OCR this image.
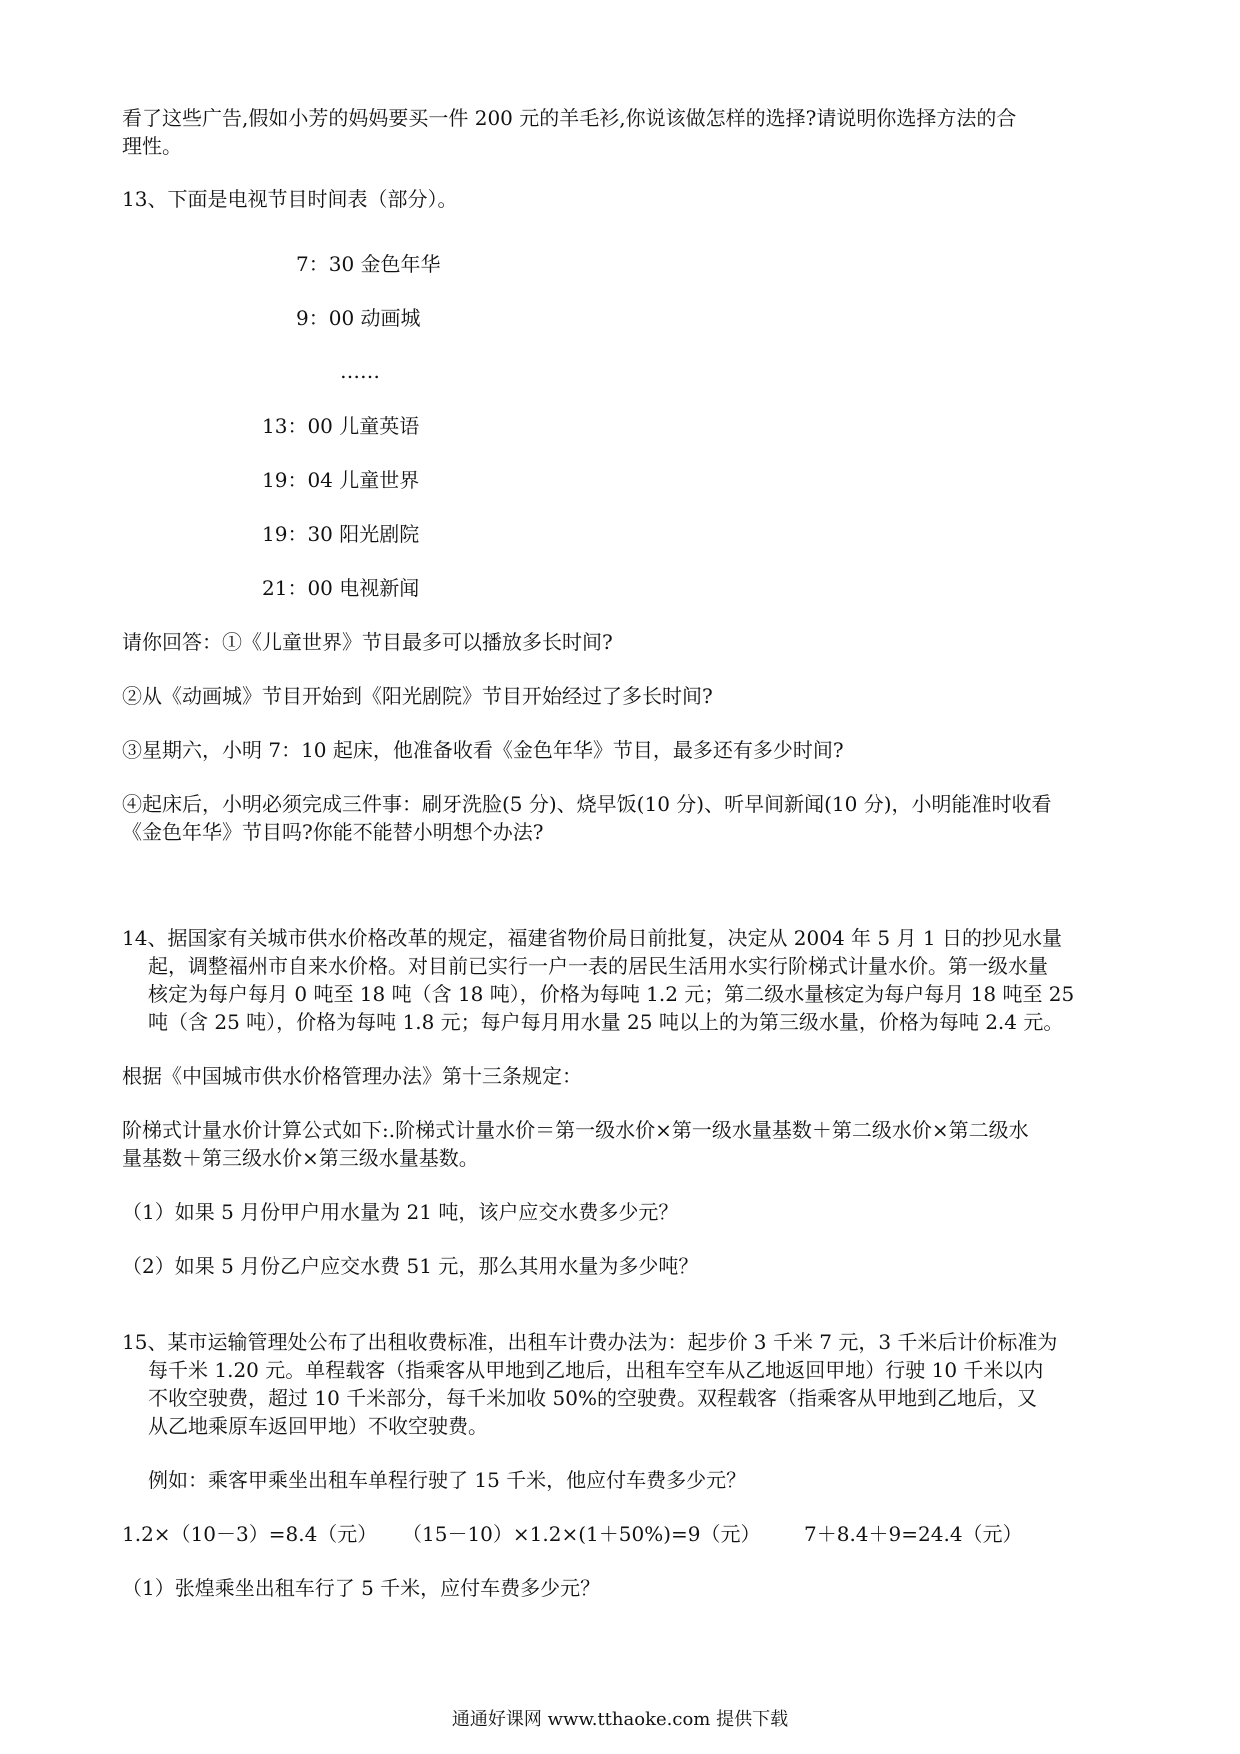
看了这些广告,假如小芳的妈妈要买一件 200 元的羊毛衫,你说该做怎样的选择?请说明你选择方法的合
理性。
13、下面是电视节目时间表（部分）。
7：30 金色年华
9：00 动画城
……
13：00 儿童英语
19：04 儿童世界
19：30 阳光剧院
21：00 电视新闻
请你回答：①《儿童世界》节目最多可以播放多长时间?
②从《动画城》节目开始到《阳光剧院》节目开始经过了多长时间?
③星期六，小明 7：10 起床，他准备收看《金色年华》节目，最多还有多少时间?
④起床后，小明必须完成三件事：刷牙洗脸(5 分)、烧早饭(10 分)、听早间新闻(10 分)，小明能准时收看
《金色年华》节目吗?你能不能替小明想个办法?
14、据国家有关城市供水价格改革的规定，福建省物价局日前批复，决定从 2004 年 5 月 1 日的抄见水量
起，调整福州市自来水价格。对目前已实行一户一表的居民生活用水实行阶梯式计量水价。第一级水量
核定为每户每月 0 吨至 18 吨（含 18 吨），价格为每吨 1.2 元；第二级水量核定为每户每月 18 吨至 25
吨（含 25 吨），价格为每吨 1.8 元；每户每月用水量 25 吨以上的为第三级水量，价格为每吨 2.4 元。
根据《中国城市供水价格管理办法》第十三条规定：
阶梯式计量水价计算公式如下:.阶梯式计量水价＝第一级水价×第一级水量基数＋第二级水价×第二级水
量基数＋第三级水价×第三级水量基数。
（1）如果 5 月份甲户用水量为 21 吨，该户应交水费多少元？
（2）如果 5 月份乙户应交水费 51 元，那么其用水量为多少吨？
15、某市运输管理处公布了出租收费标准，出租车计费办法为：起步价 3 千米 7 元，3 千米后计价标准为
每千米 1.20 元。单程载客（指乘客从甲地到乙地后，出租车空车从乙地返回甲地）行驶 10 千米以内
不收空驶费，超过 10 千米部分，每千米加收 50%的空驶费。双程载客（指乘客从甲地到乙地后，又
从乙地乘原车返回甲地）不收空驶费。
例如：乘客甲乘坐出租车单程行驶了 15 千米，他应付车费多少元？
1.2×（10－3）=8.4（元） （15－10）×1.2×(1＋50%)=9（元） 7＋8.4＋9=24.4（元）
（1）张煌乘坐出租车行了 5 千米，应付车费多少元？
通通好课网 www.tthaoke.com 提供下载
